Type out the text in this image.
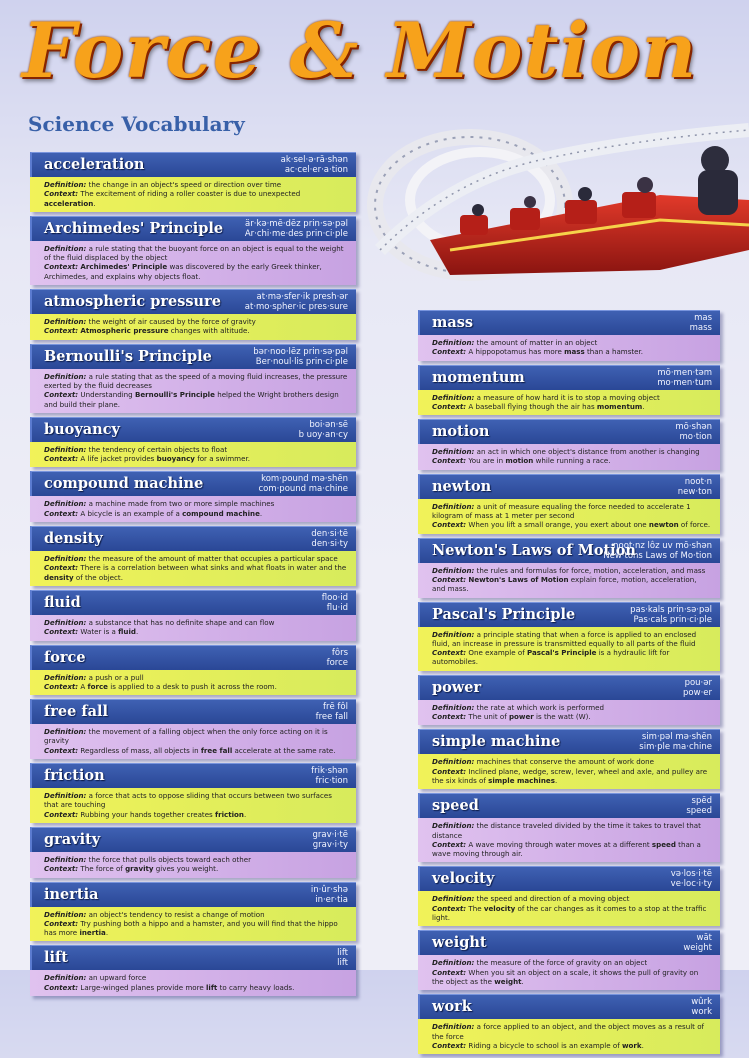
Force & Motion
Science Vocabulary
acceleration	ak·sel·ə·rā·shən
ac·cel·er·a·tion
Definition: the change in an object's speed or direction over time
Context: The excitement of riding a roller coaster is due to unexpected acceleration.
Archimedes' Principle	är·kə·mē·dēz prin·sə·pəl
Ar·chi·me·des prin·ci·ple
Definition: a rule stating that the buoyant force on an object is equal to the weight of the fluid displaced by the object
Context: Archimedes' Principle was discovered by the early Greek thinker, Archimedes, and explains why objects float.
atmospheric pressure	at·mə·sfer·ik presh·ər
at·mo·spher·ic pres·sure
Definition: the weight of air caused by the force of gravity
Context: Atmospheric pressure changes with altitude.
Bernoulli's Principle	bər·noo·lēz prin·sə·pəl
Ber·noul·lis prin·ci·ple
Definition: a rule stating that as the speed of a moving fluid increases, the pressure exerted by the fluid decreases
Context: Understanding Bernoulli's Principle helped the Wright brothers design and build their plane.
buoyancy	boi·ən·sē
b uoy·an·cy
Definition: the tendency of certain objects to float
Context: A life jacket provides buoyancy for a swimmer.
compound machine	kom·pound mə·shēn
com·pound ma·chine
Definition: a machine made from two or more simple machines
Context: A bicycle is an example of a compound machine.
density	den·si·tē
den·si·ty
Definition: the measure of the amount of matter that occupies a particular space
Context: There is a correlation between what sinks and what floats in water and the density of the object.
fluid	floo·id
flu·id
Definition: a substance that has no definite shape and can flow
Context: Water is a fluid.
force	fôrs
force
Definition: a push or a pull
Context: A force is applied to a desk to push it across the room.
free fall	frē fôl
free fall
Definition: the movement of a falling object when the only force acting on it is gravity
Context: Regardless of mass, all objects in free fall accelerate at the same rate.
friction	frik·shən
fric·tion
Definition: a force that acts to oppose sliding that occurs between two surfaces that are touching
Context: Rubbing your hands together creates friction.
gravity	grav·i·tē
grav·i·ty
Definition: the force that pulls objects toward each other
Context: The force of gravity gives you weight.
inertia	in·ûr·shə
in·er·tia
Definition: an object's tendency to resist a change of motion
Context: Try pushing both a hippo and a hamster, and you will find that the hippo has more inertia.
lift	lift
lift
Definition: an upward force
Context: Large-winged planes provide more lift to carry heavy loads.
mass	mas
mass
Definition: the amount of matter in an object
Context: A hippopotamus has more mass than a hamster.
momentum	mō·men·təm
mo·men·tum
Definition: a measure of how hard it is to stop a moving object
Context: A baseball flying though the air has momentum.
motion	mō·shən
mo·tion
Definition: an act in which one object's distance from another is changing
Context: You are in motion while running a race.
newton	noot·n
new·ton
Definition: a unit of measure equaling the force needed to accelerate 1 kilogram of mass at 1 meter per second
Context: When you lift a small orange, you exert about one newton of force.
Newton's Laws of Motion
noot·nz lôz uv mō·shən
New·tons Laws of Mo·tion
Definition: the rules and formulas for force, motion, acceleration, and mass
Context: Newton's Laws of Motion explain force, motion, acceleration, and mass.
Pascal's Principle	pas·kals prin·sə·pəl
Pas·cals prin·ci·ple
Definition: a principle stating that when a force is applied to an enclosed fluid, an increase in pressure is transmitted equally to all parts of the fluid
Context: One example of Pascal's Principle is a hydraulic lift for automobiles.
power	pou·ər
pow·er
Definition: the rate at which work is performed
Context: The unit of power is the watt (W).
simple machine	sim·pəl mə·shēn
sim·ple ma·chine
Definition: machines that conserve the amount of work done
Context: Inclined plane, wedge, screw, lever, wheel and axle, and pulley are the six kinds of simple machines.
speed	spēd
speed
Definition: the distance traveled divided by the time it takes to travel that distance
Context: A wave moving through water moves at a different speed than a wave moving through air.
velocity	və·los·i·tē
ve·loc·i·ty
Definition: the speed and direction of a moving object
Context: The velocity of the car changes as it comes to a stop at the traffic light.
weight	wāt
weight
Definition: the measure of the force of gravity on an object
Context: When you sit an object on a scale, it shows the pull of gravity on the object as the weight.
work	wûrk
work
Definition: a force applied to an object, and the object moves as a result of the force
Context: Riding a bicycle to school is an example of work.
